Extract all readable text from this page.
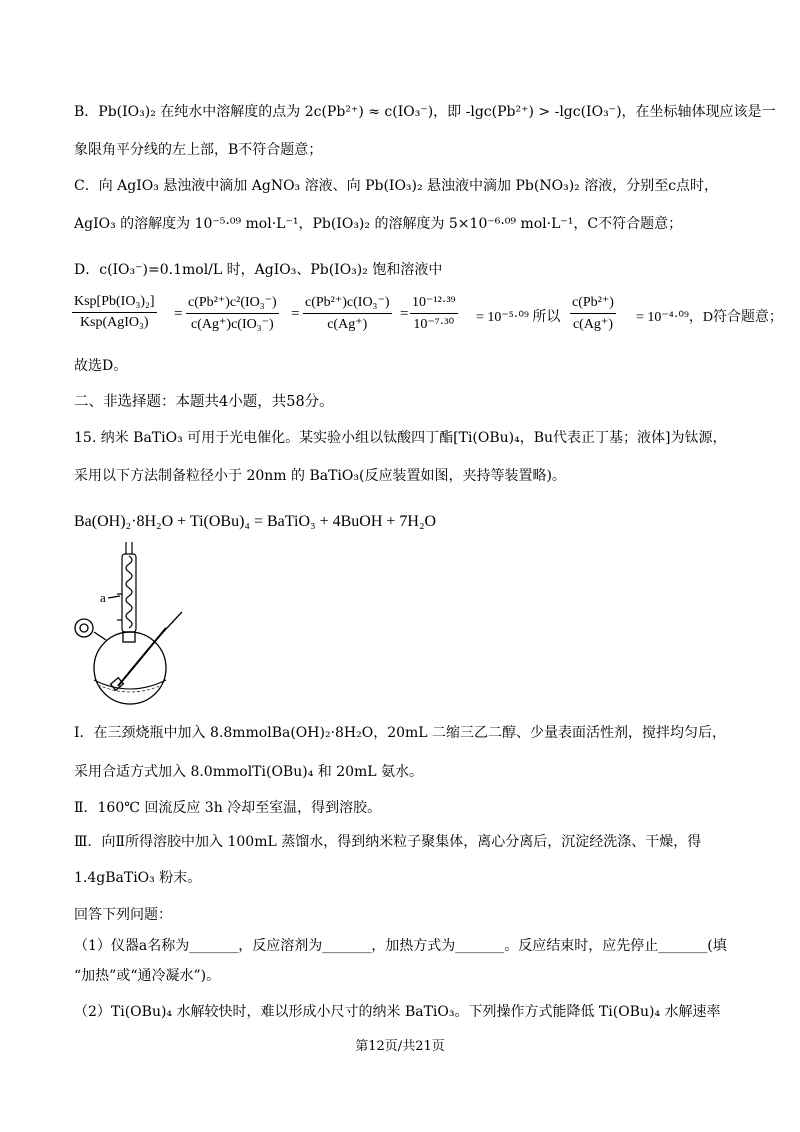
B．Pb(IO₃)₂ 在纯水中溶解度的点为 2c(Pb²⁺) ≈ c(IO₃⁻)，即 -lgc(Pb²⁺) > -lgc(IO₃⁻)，在坐标轴体现应该是一
象限角平分线的左上部，B不符合题意；
C．向 AgIO₃ 悬浊液中滴加 AgNO₃ 溶液、向 Pb(IO₃)₂ 悬浊液中滴加 Pb(NO₃)₂ 溶液，分别至c点时，
AgIO₃ 的溶解度为 10⁻⁵·⁰⁹ mol·L⁻¹，Pb(IO₃)₂ 的溶解度为 5×10⁻⁶·⁰⁹ mol·L⁻¹，C不符合题意；
D．c(IO₃⁻)=0.1mol/L 时，AgIO₃、Pb(IO₃)₂ 饱和溶液中
Ksp[Pb(IO₃)₂]
Ksp(AgIO₃)
= $\frac{\text{c(Pb²⁺)c²(IO₃⁻)}}{\text{c(Ag⁺)c(IO₃⁻)}} = \frac{\text{c(Pb²⁺)c(IO₃⁻)}}{c(Ag^+)} = \frac{\text{10⁻¹²·³⁹}}{\text{10⁻⁷·³⁰}} = 10^{-5}\cdot^{09}$ 所以 $\frac{\text{c(Pb²⁺)}}{c(Ag^+)} = 10^{-4}\cdot^{09}$，D符合题意；
故选D。
二、非选择题：本题共4小题，共58分。
15. 纳米 BaTiO₃ 可用于光电催化。某实验小组以钛酸四丁酯[Ti(OBu)₄，Bu代表正丁基；液体]为钛源，
采用以下方法制备粒径小于 20nm 的 BaTiO₃(反应装置如图，夹持等装置略)。
Ba(OH)₂·8H₂O + Ti(OBu)₄ = BaTiO₃ + 4BuOH + 7H₂O
a
Ⅰ．在三颈烧瓶中加入 8.8mmolBa(OH)₂·8H₂O，20mL 二缩三乙二醇、少量表面活性剂，搅拌均匀后，
采用合适方式加入 8.0mmolTi(OBu)₄ 和 20mL 氨水。
Ⅱ．160℃ 回流反应 3h 冷却至室温，得到溶胶。
Ⅲ．向Ⅱ所得溶胶中加入 100mL 蒸馏水，得到纳米粒子聚集体，离心分离后，沉淀经洗涤、干燥，得
1.4gBaTiO₃ 粉末。
回答下列问题：
（1）仪器a名称为_______，反应溶剂为_______，加热方式为_______。反应结束时，应先停止_______(填
“加热”或“通冷凝水”)。
（2）Ti(OBu)₄ 水解较快时，难以形成小尺寸的纳米 BaTiO₃。下列操作方式能降低 Ti(OBu)₄ 水解速率
第12页/共21页
